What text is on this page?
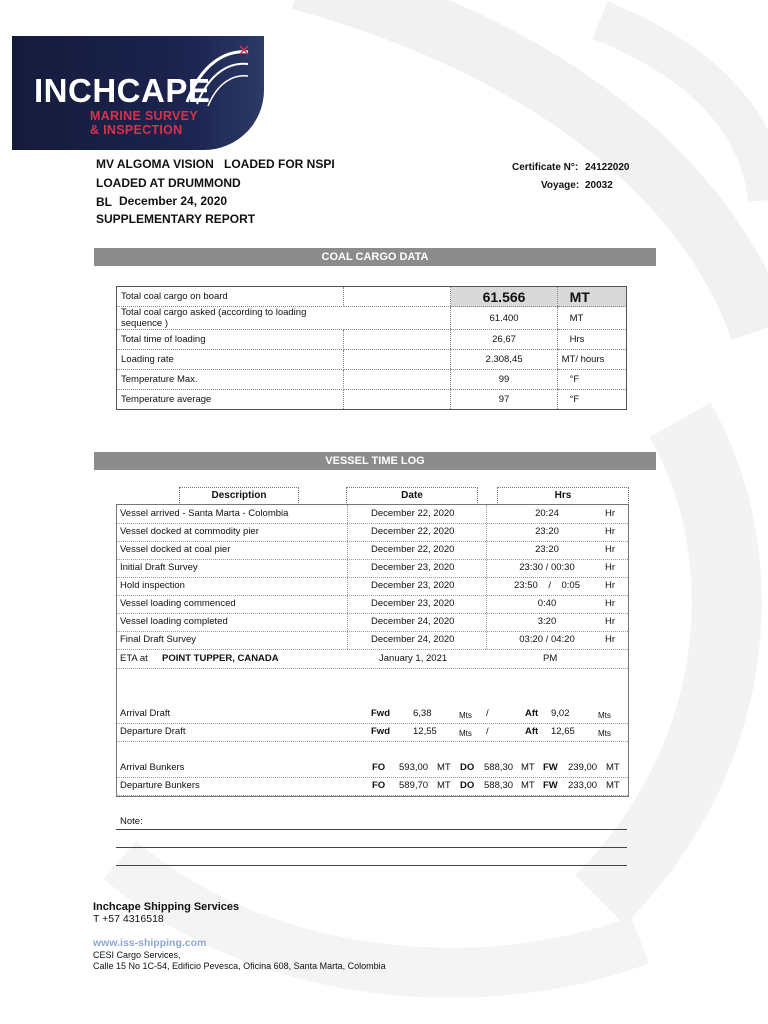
INCHCAPE
MARINE SURVEY
& INSPECTION
MV ALGOMA VISION LOADED FOR NSPI
LOADED AT DRUMMOND
BL December 24, 2020
SUPPLEMENTARY REPORT
Certificate N°: 24122020
Voyage: 20032
COAL CARGO DATA
Total coal cargo on board		61.566	MT
Total coal cargo asked (according to loading sequence )		61.400	MT
Total time of loading		26,67	Hrs
Loading rate		2.308,45	MT/ hours
Temperature Max.		99	°F
Temperature average		97	°F
VESSEL TIME LOG
Description	Date	Hrs
Vessel arrived - Santa Marta - Colombia	December 22, 2020	20:24	Hr
Vessel docked at commodity pier	December 22, 2020	23:20	Hr
Vessel docked at coal pier	December 22, 2020	23:20	Hr
Initial Draft Survey	December 23, 2020	23:30 / 00:30	Hr
Hold inspection	December 23, 2020	23:50    /    0:05	Hr
Vessel loading commenced	December 23, 2020	0:40	Hr
Vessel loading completed	December 24, 2020	3:20	Hr
Final Draft Survey	December 24, 2020	03:20 / 04:20	Hr
ETA at POINT TUPPER, CANADA	January 1, 2021	PM
Arrival Draft	Fwd 6,38	Mts /	Aft 9,02	Mts
Departure Draft	Fwd 12,55	Mts /	Aft 12,65	Mts
Arrival Bunkers	FO 593,00 MT DO 588,30 MT FW 239,00 MT
Departure Bunkers	FO 589,70 MT DO 588,30 MT FW 233,00 MT
Note:
Inchcape Shipping Services
T +57 4316518
www.iss-shipping.com
CESI Cargo Services,
Calle 15 No 1C-54, Edificio Pevesca, Oficina 608, Santa Marta, Colombia
